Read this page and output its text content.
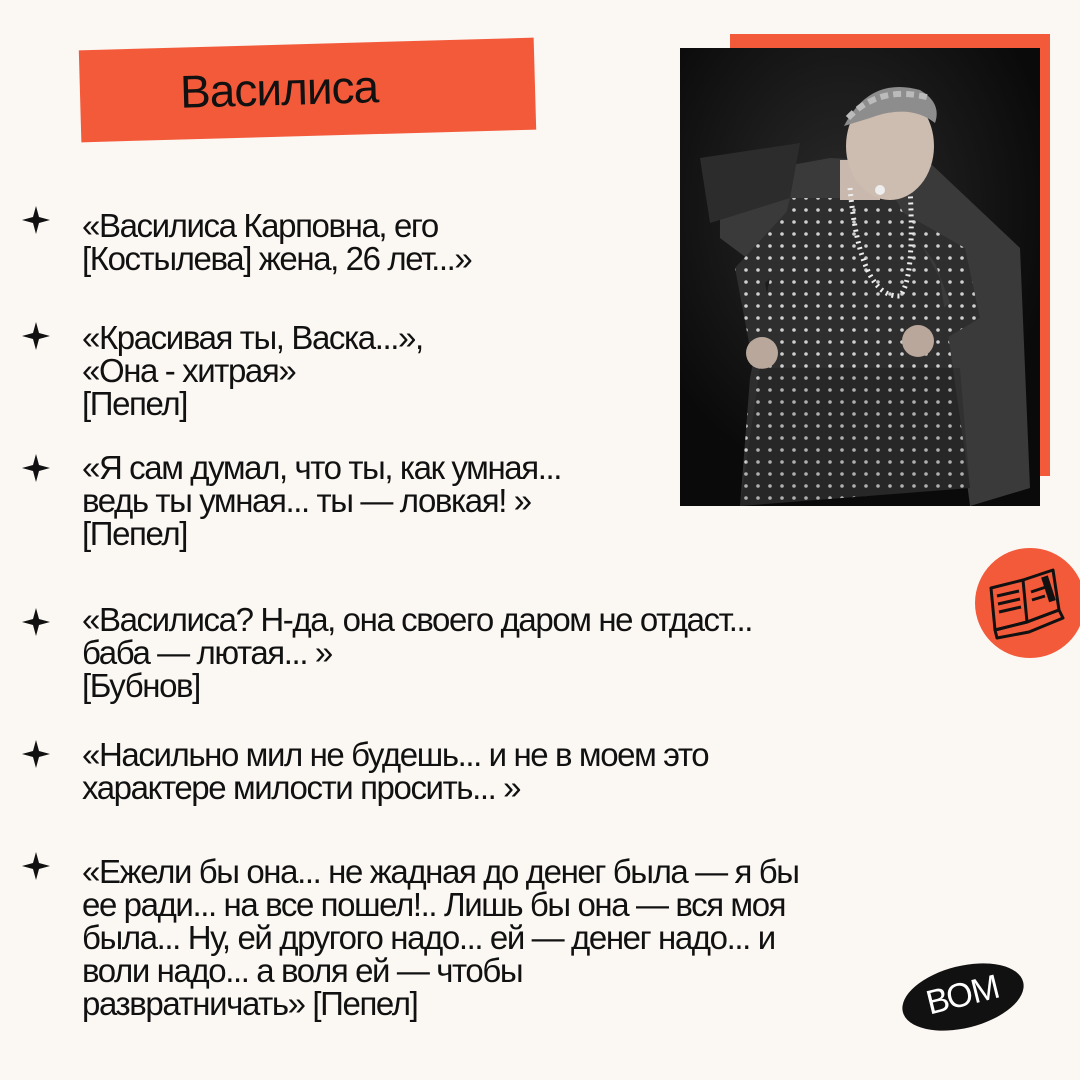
Василиса
«Василиса Карповна, его
[Костылева] жена, 26 лет...»
«Красивая ты, Васка...»,
«Она - хитрая»
[Пепел]
«Я сам думал, что ты, как умная...
ведь ты умная... ты — ловкая! »
[Пепел]
«Василиса? Н-да, она своего даром не отдаст...
баба — лютая... »
[Бубнов]
«Насильно мил не будешь... и не в моем это
характере милости просить... »
«Ежели бы она... не жадная до денег была — я бы
ее ради... на все пошел!.. Лишь бы она — вся моя
была... Ну, ей другого надо... ей — денег надо... и
воли надо... а воля ей — чтобы
развратничать» [Пепел]	ВОМ
